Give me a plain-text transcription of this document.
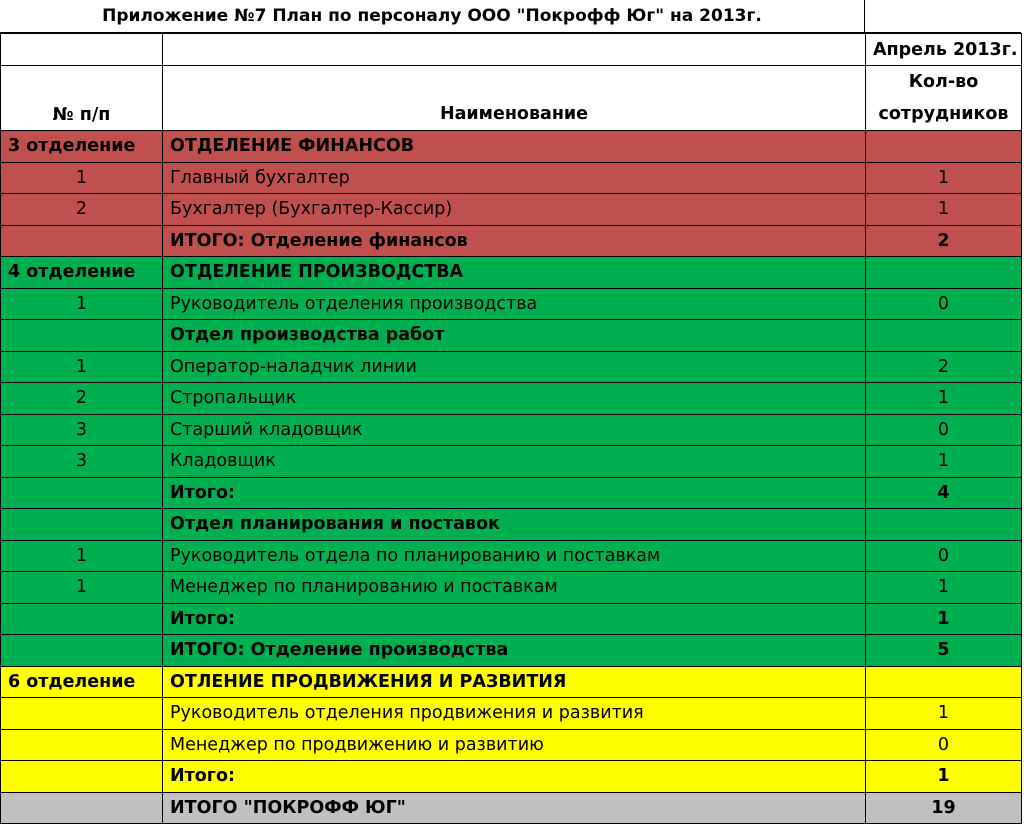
Приложение №7 План по персоналу ООО "Покрофф Юг" на 2013г.
		Апрель 2013г.
№ п/п	Наименование	Кол-во
сотрудников

3 отделение	ОТДЕЛЕНИЕ ФИНАНСОВ	
1	Главный бухгалтер	1
2	Бухгалтер (Бухгалтер-Кассир)	1
	ИТОГО: Отделение финансов	2
4 отделение	ОТДЕЛЕНИЕ ПРОИЗВОДСТВА	
1	Руководитель отделения производства	0
	Отдел производства работ	
1	Оператор-наладчик линии	2
2	Стропальщик	1
3	Старший кладовщик	0
3	Кладовщик	1
	Итого:	4
	Отдел планирования и поставок	
1	Руководитель отдела по планированию и поставкам	0
1	Менеджер по планированию и поставкам	1
	Итого:	1
	ИТОГО: Отделение производства	5
6 отделение	ОТЛЕНИЕ ПРОДВИЖЕНИЯ И РАЗВИТИЯ	
	Руководитель отделения продвижения и развития	1
	Менеджер по продвижению и развитию	0
	Итого:	1
	ИТОГО "ПОКРОФФ ЮГ"	19
